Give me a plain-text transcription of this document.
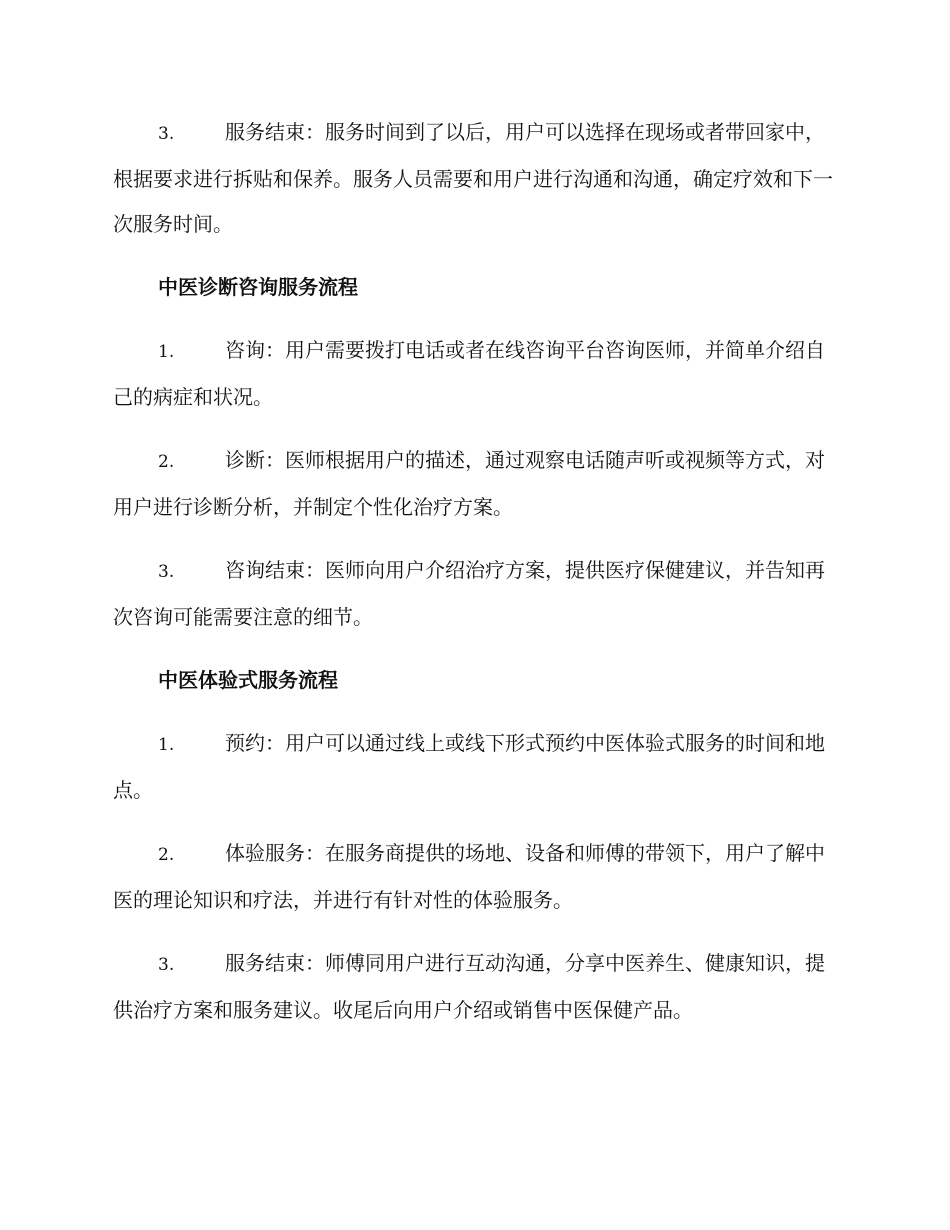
3.	服务结束：服务时间到了以后，用户可以选择在现场或者带回家中，根据要求进行拆贴和保养。服务人员需要和用户进行沟通和沟通，确定疗效和下一次服务时间。

中医诊断咨询服务流程

1.	咨询：用户需要拨打电话或者在线咨询平台咨询医师，并简单介绍自己的病症和状况。

2.	诊断：医师根据用户的描述，通过观察电话随声听或视频等方式，对用户进行诊断分析，并制定个性化治疗方案。

3.	咨询结束：医师向用户介绍治疗方案，提供医疗保健建议，并告知再次咨询可能需要注意的细节。

中医体验式服务流程

1.	预约：用户可以通过线上或线下形式预约中医体验式服务的时间和地点。

2.	体验服务：在服务商提供的场地、设备和师傅的带领下，用户了解中医的理论知识和疗法，并进行有针对性的体验服务。

3.	服务结束：师傅同用户进行互动沟通，分享中医养生、健康知识，提供治疗方案和服务建议。收尾后向用户介绍或销售中医保健产品。
